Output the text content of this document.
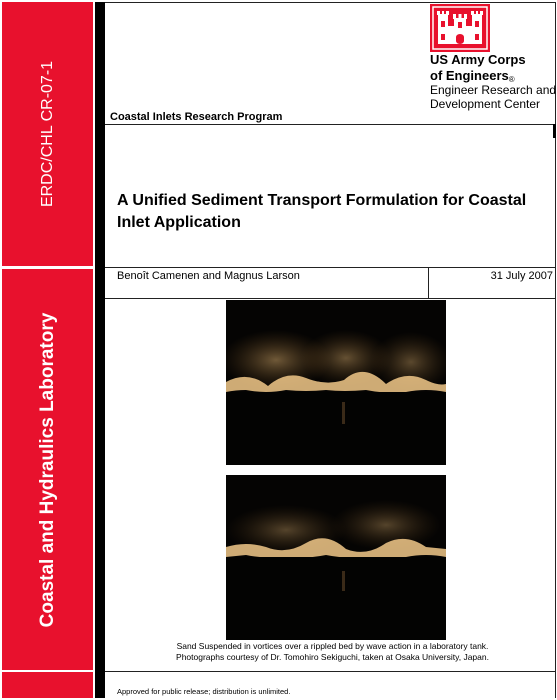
ERDC/CHL CR-07-1
Coastal and Hydraulics Laboratory
US Army Corps
of Engineers®
Engineer Research and
Development Center
Coastal Inlets Research Program
A Unified Sediment Transport Formulation for Coastal Inlet Application
Benoît Camenen and Magnus Larson	31 July 2007
Sand Suspended in vortices over a rippled bed by wave action in a laboratory tank.
Photographs courtesy of Dr. Tomohiro Sekiguchi, taken at Osaka University, Japan.
Approved for public release; distribution is unlimited.
